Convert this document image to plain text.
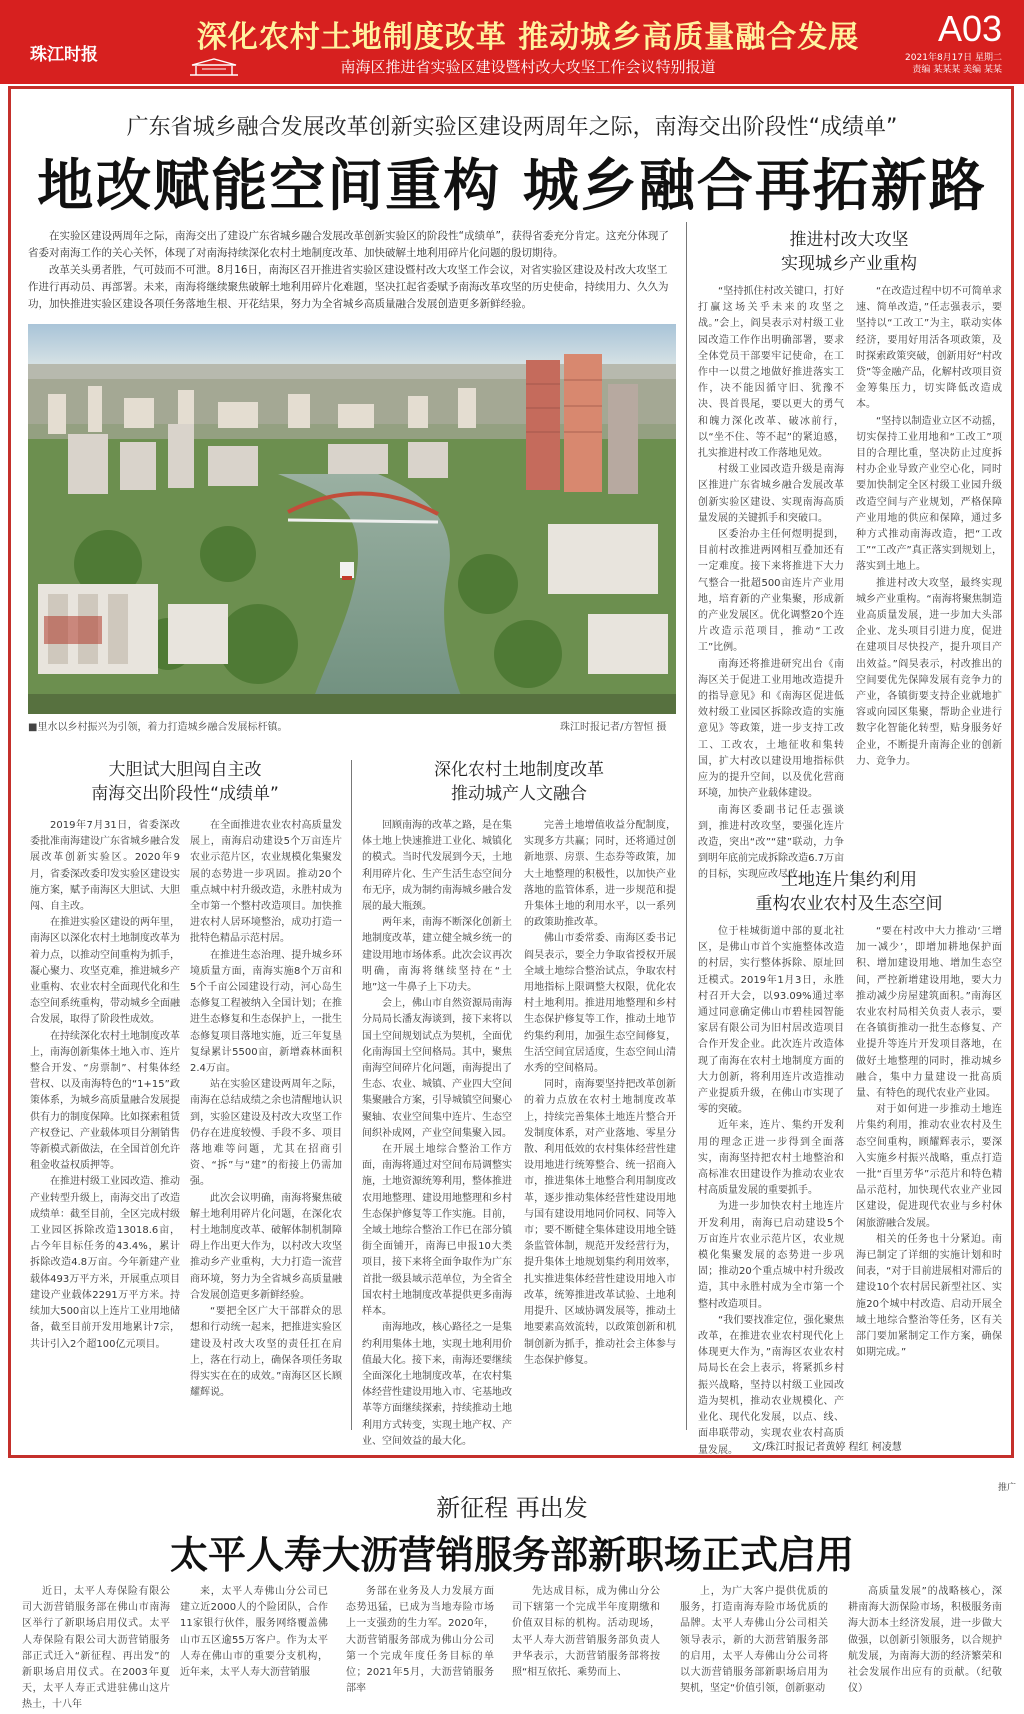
珠江时报	深化农村土地制度改革 推动城乡高质量融合发展
南海区推进省实验区建设暨村改大攻坚工作会议特别报道
A03
2021年8月17日 星期二
责编 某某某 美编 某某
广东省城乡融合发展改革创新实验区建设两周年之际，南海交出阶段性“成绩单”
地改赋能空间重构 城乡融合再拓新路

在实验区建设两周年之际，南海交出了建设广东省城乡融合发展改革创新实验区的阶段性“成绩单”，获得省委充分肯定。这充分体现了省委对南海工作的关心关怀，体现了对南海持续深化农村土地制度改革、加快破解土地利用碎片化问题的殷切期待。

改革关头勇者胜，气可鼓而不可泄。8月16日，南海区召开推进省实验区建设暨村改大攻坚工作会议，对省实验区建设及村改大攻坚工作进行再动员、再部署。未来，南海将继续聚焦破解土地利用碎片化难题，坚决扛起省委赋予南海改革攻坚的历史使命，持续用力、久久为功，加快推进实验区建设各项任务落地生根、开花结果，努力为全省城乡高质量融合发展创造更多新鲜经验。

■里水以乡村振兴为引领，着力打造城乡融合发展标杆镇。	珠江时报记者/方智恒 摄
大胆试大胆闯自主改
南海交出阶段性“成绩单”

2019年7月31日，省委深改委批准南海建设广东省城乡融合发展改革创新实验区。2020年9月，省委深改委印发实验区建设实施方案，赋予南海区大胆试、大胆闯、自主改。

在推进实验区建设的两年里，南海区以深化农村土地制度改革为着力点，以推动空间重构为抓手，凝心聚力、攻坚克难，推进城乡产业重构、农业农村全面现代化和生态空间系统重构，带动城乡全面融合发展，取得了阶段性成效。

在持续深化农村土地制度改革上，南海创新集体土地入市、连片整合开发、“房票制”、村集体经营权、以及南海特色的“1+15”政策体系，为城乡高质量融合发展提供有力的制度保障。比如探索租赁产权登记、产业载体项目分割销售等新模式新做法，在全国首创允许租金收益权质押等。

在推进村级工业园改造、推动产业转型升级上，南海交出了改造成绩单：截至目前，全区完成村级工业园区拆除改造13018.6亩，占今年目标任务的43.4%，累计拆除改造4.8万亩。今年新建产业载体493万平方米，开展重点项目建设产业载体2291万平方米。持续加大500亩以上连片工业用地储备，截至目前开发用地累计7宗，共计引入2个超100亿元项目。

在全面推进农业农村高质量发展上，南海启动建设5个万亩连片农业示范片区，农业规模化集聚发展的态势进一步巩固。推动20个重点城中村升级改造，永胜村成为全市第一个整村改造项目。加快推进农村人居环境整治，成功打造一批特色精品示范村居。

在推进生态治理、提升城乡环境质量方面，南海实施8个万亩和5个千亩公园建设行动，河心岛生态修复工程被纳入全国计划；在推进生态修复和生态保护上，一批生态修复项目落地实施，近三年复垦复绿累计5500亩，新增森林面积2.4万亩。

站在实验区建设两周年之际，南海在总结成绩之余也清醒地认识到，实验区建设及村改大攻坚工作仍存在进度较慢、手段不多、项目落地难等问题，尤其在招商引资、“拆”与“建”的衔接上仍需加强。

此次会议明确，南海将聚焦破解土地利用碎片化问题，在深化农村土地制度改革、破解体制机制障碍上作出更大作为，以村改大攻坚推动乡产业重构，大力打造一流营商环境，努力为全省城乡高质量融合发展创造更多新鲜经验。

“要把全区广大干部群众的思想和行动统一起来，把推进实验区建设及村改大攻坚的责任扛在肩上，落在行动上，确保各项任务取得实实在在的成效。”南海区区长顾耀辉说。

深化农村土地制度改革
推动城产人文融合

回顾南海的改革之路，是在集体土地上快速推进工业化、城镇化的模式。当时代发展到今天，土地利用碎片化、生产生活生态空间分布无序，成为制约南海城乡融合发展的最大瓶颈。

两年来，南海不断深化创新土地制度改革，建立健全城乡统一的建设用地市场体系。此次会议再次明确，南海将继续坚持在“土地”这一牛鼻子上下功夫。

会上，佛山市自然资源局南海分局局长潘友海谈到，接下来将以国土空间规划试点为契机，全面优化南海国土空间格局。其中，聚焦南海空间碎片化问题，南海提出了生态、农业、城镇、产业四大空间集聚融合方案，引导城镇空间聚心聚轴、农业空间集中连片、生态空间织补成网，产业空间集聚入园。

在开展土地综合整治工作方面，南海将通过对空间布局调整实施，土地资源统筹利用，整体推进农用地整理、建设用地整理和乡村生态保护修复等工作实施。目前，全域土地综合整治工作已在部分镇街全面铺开，南海已申报10大类项目，接下来将全面争取作为广东首批一级县域示范单位，为全省全国农村土地制度改革提供更多南海样本。

南海地改，核心路径之一是集约利用集体土地，实现土地利用价值最大化。接下来，南海还要继续全面深化土地制度改革，在农村集体经营性建设用地入市、宅基地改革等方面继续探索，持续推动土地利用方式转变，实现土地产权、产业、空间效益的最大化。

完善土地增值收益分配制度，实现多方共赢；同时，还将通过创新地票、房票、生态券等政策，加大土地整理的积极性，以加快产业落地的监管体系，进一步规范和提升集体土地的利用水平，以一系列的政策助推改革。

佛山市委常委、南海区委书记阎昊表示，要全力争取省授权开展全域土地综合整治试点，争取农村用地指标上限调整大权限，优化农村土地利用。推进用地整理和乡村生态保护修复等工作，推动土地节约集约利用，加强生态空间修复，生活空间宜居适度，生态空间山清水秀的空间格局。

同时，南海要坚持把改革创新的着力点放在农村土地制度改革上，持续完善集体土地连片整合开发制度体系，对产业落地、零星分散、利用低效的农村集体经营性建设用地进行统筹整合、统一招商入市，推进集体土地整合利用制度改革，逐步推动集体经营性建设用地与国有建设用地同价同权、同等入市；要不断健全集体建设用地全链条监管体制，规范开发经营行为，提升集体土地规划集约利用效率，扎实推进集体经营性建设用地入市改革，统筹推进改革试验、土地利用提升、区域协调发展等，推动土地要素高效流转，以政策创新和机制创新为抓手，推动社会主体参与生态保护修复。

推进村改大攻坚
实现城乡产业重构

“坚持抓住村改关键口，打好打赢这场关乎未来的攻坚之战。”会上，阎昊表示对村级工业园改造工作作出明确部署，要求全体党员干部要牢记使命，在工作中一以贯之地做好推进落实工作，决不能因循守旧、犹豫不决、畏首畏尾，要以更大的勇气和魄力深化改革、破冰前行，以“坐不住、等不起”的紧迫感，扎实推进村改工作落地见效。

村级工业园改造升级是南海区推进广东省城乡融合发展改革创新实验区建设、实现南海高质量发展的关键抓手和突破口。

区委治办主任何煜明提到，目前村改推进两网相互叠加还有一定难度。接下来将推进下大力气整合一批超500亩连片产业用地，培育新的产业集聚，形成新的产业发展区。优化调整20个连片改造示范项目，推动“工改工”比例。

南海还将推进研究出台《南海区关于促进工业用地改造提升的指导意见》和《南海区促进低效村级工业园区拆除改造的实施意见》等政策，进一步支持工改工、工改农，土地征收和集转国，扩大村改以建设用地指标供应为的提升空间，以及优化营商环境，加快产业载体建设。

南海区委副书记任志强谈到，推进村改攻坚，要强化连片改造，突出“改”“建”联动，力争到明年底前完成拆除改造6.7万亩的目标，实现应改尽改。

“在改造过程中切不可简单求速、简单改造，”任志强表示，要坚持以“工改工”为主，联动实体经济，要用好用活各项政策，及时探索政策突破，创新用好“村改贷”等金融产品，化解村改项目资金筹集压力，切实降低改造成本。

“坚持以制造业立区不动摇，切实保持工业用地和“工改工”项目的合理比重，坚决防止过度拆村办企业导致产业空心化，同时要加快制定全区村级工业园升级改造空间与产业规划，严格保障产业用地的供应和保障，通过多种方式推动南海改造，把“工改工”“工改产”真正落实到规划上，落实到土地上。

推进村改大攻坚，最终实现城乡产业重构。“南海将聚焦制造业高质量发展，进一步加大头部企业、龙头项目引进力度，促进在建项目尽快投产，提升项目产出效益。”阎昊表示，村改推出的空间要优先保障发展有竞争力的产业，各镇街要支持企业就地扩容或向园区集聚，帮助企业进行数字化智能化转型，贴身服务好企业，不断提升南海企业的创新力、竞争力。

土地连片集约利用
重构农业农村及生态空间

位于桂城街道中部的夏北社区，是佛山市首个实施整体改造的村居，实行整体拆除、原址回迁模式。2019年1月3日，永胜村召开大会，以93.09%通过率通过同意确定佛山市碧桂园智能家居有限公司为旧村居改造项目合作开发企业。此次连片改造体现了南海在农村土地制度方面的大力创新，将利用连片改造推动产业提质升级，在佛山市实现了零的突破。

近年来，连片、集约开发利用的理念正进一步得到全面落实，南海坚持把农村土地整治和高标准农田建设作为推动农业农村高质量发展的重要抓手。

为进一步加快农村土地连片开发利用，南海已启动建设5个万亩连片农业示范片区，农业规模化集聚发展的态势进一步巩固；推动20个重点城中村升级改造，其中永胜村成为全市第一个整村改造项目。

“我们要找准定位，强化聚焦改革，在推进农业农村现代化上体现更大作为，”南海区农业农村局局长在会上表示，将紧抓乡村振兴战略，坚持以村级工业园改造为契机，推动农业规模化、产业化、现代化发展，以点、线、面串联带动，实现农业农村高质量发展。

“要在村改中大力推动‘三增加一减少’，即增加耕地保护面积、增加建设用地、增加生态空间，严控新增建设用地，要大力推动减少房屋建筑面积。”南海区农业农村局相关负责人表示，要在各镇街推动一批生态修复、产业提升等连片开发项目落地，在做好土地整理的同时，推动城乡融合，集中力量建设一批高质量、有特色的现代农业产业园。

对于如何进一步推动土地连片集约利用，推动农业农村及生态空间重构，顾耀辉表示，要深入实施乡村振兴战略，重点打造一批“百里芳华”示范片和特色精品示范村，加快现代农业产业园区建设，促进现代农业与乡村休闲旅游融合发展。

相关的任务也十分紧迫。南海已制定了详细的实施计划和时间表，“对于目前进展相对滞后的建设10个农村居民新型社区、实施20个城中村改造、启动开展全域土地综合整治等任务，区有关部门要加紧制定工作方案，确保如期完成。”

文/珠江时报记者黄婷 程红 柯凌慧
推广
新征程 再出发
太平人寿大沥营销服务部新职场正式启用

近日，太平人寿保险有限公司大沥营销服务部在佛山市南海区举行了新职场启用仪式。太平人寿保险有限公司大沥营销服务部正式迁入“新征程、再出发”的新职场启用仪式。在2003年夏天，太平人寿正式进驻佛山这片热土，十八年

来，太平人寿佛山分公司已建立近2000人的个险团队，合作11家银行伙伴，服务网络覆盖佛山市五区逾55万客户。作为太平人寿在佛山市的重要分支机构，近年来，太平人寿大沥营销服

务部在业务及人力发展方面态势迅猛，已成为当地寿险市场上一支强劲的生力军。2020年，大沥营销服务部成为佛山分公司第一个完成年度任务目标的单位；2021年5月，大沥营销服务部率

先达成目标，成为佛山分公司下辖第一个完成半年度期缴和价值双目标的机构。活动现场，太平人寿大沥营销服务部负责人尹华表示，大沥营销服务部将按照“相互依托、乘势而上、

上，为广大客户提供优质的服务，打造南海寿险市场优质的品牌。太平人寿佛山分公司相关领导表示，新的大沥营销服务部的启用，太平人寿佛山分公司将以大沥营销服务部新职场启用为契机，坚定“价值引领，创新驱动

高质量发展”的战略核心，深耕南海大沥保险市场，积极服务南海大沥本土经济发展，进一步做大做强，以创新引领服务，以合规护航发展，为南海大沥的经济繁荣和社会发展作出应有的贡献。（纪敬仪）
